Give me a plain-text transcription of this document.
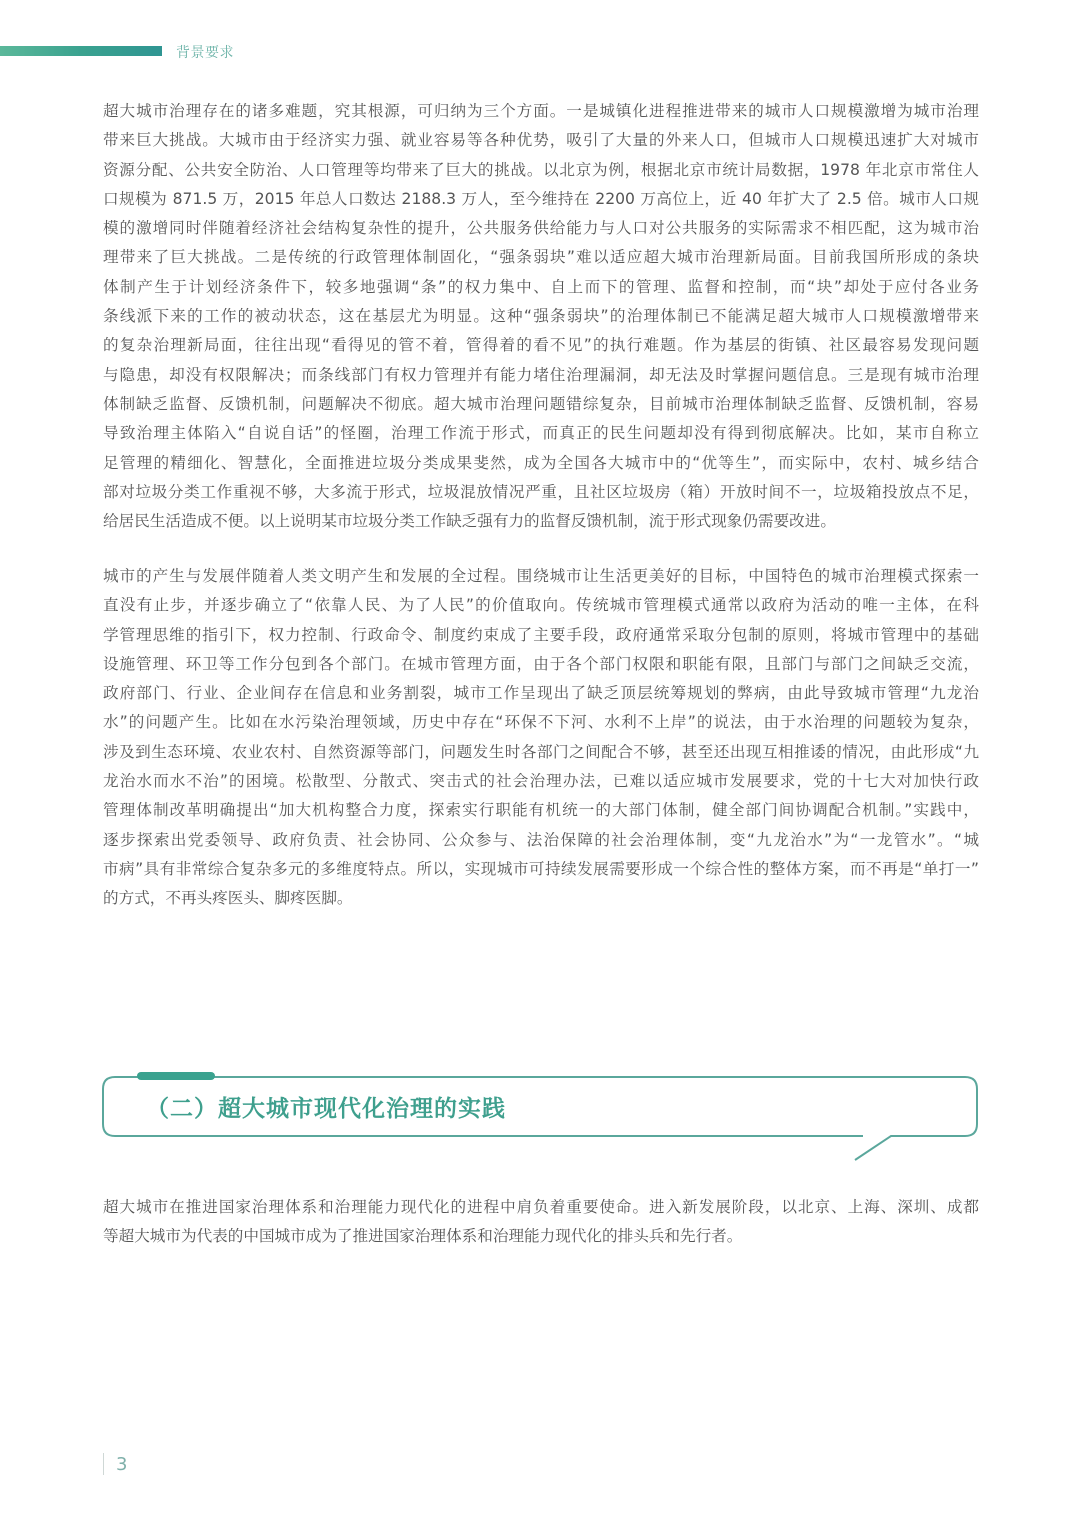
背景要求
超大城市治理存在的诸多难题，究其根源，可归纳为三个方面。一是城镇化进程推进带来的城市人口规模激增为城市治理
带来巨大挑战。大城市由于经济实力强、就业容易等各种优势，吸引了大量的外来人口，但城市人口规模迅速扩大对城市
资源分配、公共安全防治、人口管理等均带来了巨大的挑战。以北京为例，根据北京市统计局数据，1978 年北京市常住人
口规模为 871.5 万，2015 年总人口数达 2188.3 万人，至今维持在 2200 万高位上，近 40 年扩大了 2.5 倍。城市人口规
模的激增同时伴随着经济社会结构复杂性的提升，公共服务供给能力与人口对公共服务的实际需求不相匹配，这为城市治
理带来了巨大挑战。二是传统的行政管理体制固化，“强条弱块”难以适应超大城市治理新局面。目前我国所形成的条块
体制产生于计划经济条件下，较多地强调“条”的权力集中、自上而下的管理、监督和控制，而“块”却处于应付各业务
条线派下来的工作的被动状态，这在基层尤为明显。这种“强条弱块”的治理体制已不能满足超大城市人口规模激增带来
的复杂治理新局面，往往出现“看得见的管不着，管得着的看不见”的执行难题。作为基层的街镇、社区最容易发现问题
与隐患，却没有权限解决；而条线部门有权力管理并有能力堵住治理漏洞，却无法及时掌握问题信息。三是现有城市治理
体制缺乏监督、反馈机制，问题解决不彻底。超大城市治理问题错综复杂，目前城市治理体制缺乏监督、反馈机制，容易
导致治理主体陷入“自说自话”的怪圈，治理工作流于形式，而真正的民生问题却没有得到彻底解决。比如，某市自称立
足管理的精细化、智慧化，全面推进垃圾分类成果斐然，成为全国各大城市中的“优等生”，而实际中，农村、城乡结合
部对垃圾分类工作重视不够，大多流于形式，垃圾混放情况严重，且社区垃圾房（箱）开放时间不一，垃圾箱投放点不足，
给居民生活造成不便。以上说明某市垃圾分类工作缺乏强有力的监督反馈机制，流于形式现象仍需要改进。
城市的产生与发展伴随着人类文明产生和发展的全过程。围绕城市让生活更美好的目标，中国特色的城市治理模式探索一
直没有止步，并逐步确立了“依靠人民、为了人民”的价值取向。传统城市管理模式通常以政府为活动的唯一主体，在科
学管理思维的指引下，权力控制、行政命令、制度约束成了主要手段，政府通常采取分包制的原则，将城市管理中的基础
设施管理、环卫等工作分包到各个部门。在城市管理方面，由于各个部门权限和职能有限，且部门与部门之间缺乏交流，
政府部门、行业、企业间存在信息和业务割裂，城市工作呈现出了缺乏顶层统筹规划的弊病，由此导致城市管理“九龙治
水”的问题产生。比如在水污染治理领域，历史中存在“环保不下河、水利不上岸”的说法，由于水治理的问题较为复杂，
涉及到生态环境、农业农村、自然资源等部门，问题发生时各部门之间配合不够，甚至还出现互相推诿的情况，由此形成“九
龙治水而水不治”的困境。松散型、分散式、突击式的社会治理办法，已难以适应城市发展要求，党的十七大对加快行政
管理体制改革明确提出“加大机构整合力度，探索实行职能有机统一的大部门体制，健全部门间协调配合机制。”实践中，
逐步探索出党委领导、政府负责、社会协同、公众参与、法治保障的社会治理体制，变“九龙治水”为“一龙管水”。“城
市病”具有非常综合复杂多元的多维度特点。所以，实现城市可持续发展需要形成一个综合性的整体方案，而不再是“单打一”
的方式，不再头疼医头、脚疼医脚。
（二）超大城市现代化治理的实践
超大城市在推进国家治理体系和治理能力现代化的进程中肩负着重要使命。进入新发展阶段，以北京、上海、深圳、成都
等超大城市为代表的中国城市成为了推进国家治理体系和治理能力现代化的排头兵和先行者。
3
